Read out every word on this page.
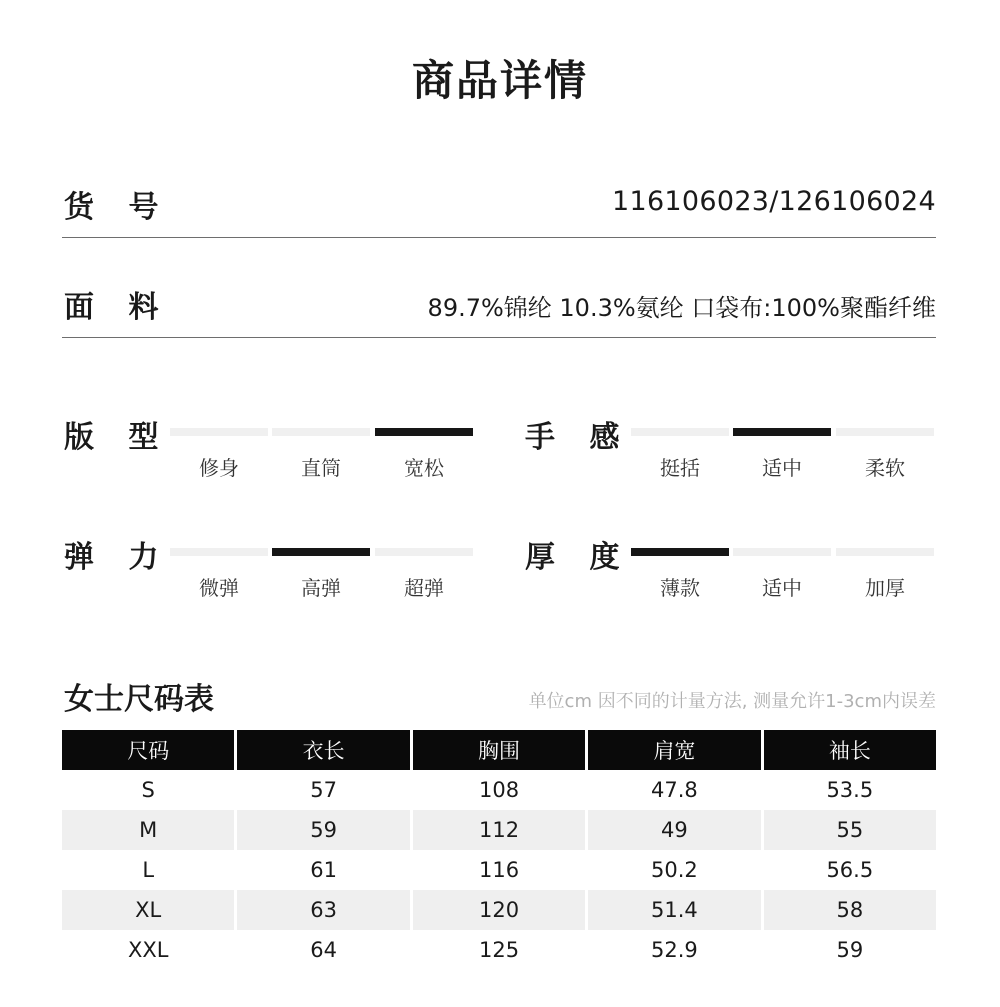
商品详情
货 号	116106023/126106024
面 料	89.7%锦纶 10.3%氨纶 口袋布:100%聚酯纤维
版 型
修身	直筒	宽松
手 感
挺括	适中	柔软
弹 力
微弹	高弹	超弹
厚 度
薄款	适中	加厚
女士尺码表	单位cm 因不同的计量方法, 测量允许1-3cm内误差
尺码	衣长	胸围	肩宽	袖长
S	57	108	47.8	53.5
M	59	112	49	55
L	61	116	50.2	56.5
XL	63	120	51.4	58
XXL	64	125	52.9	59
